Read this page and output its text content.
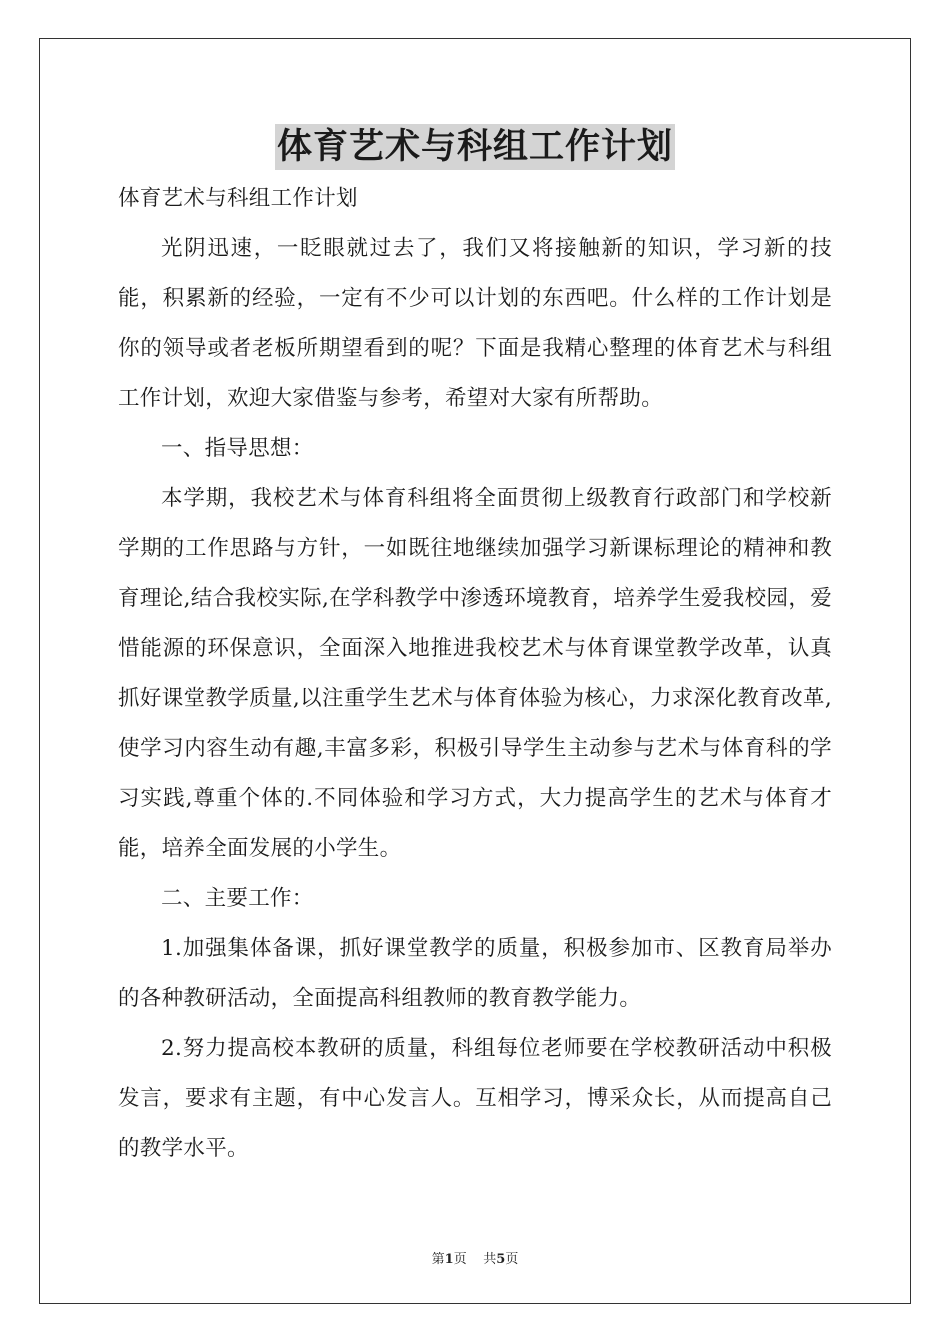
体育艺术与科组工作计划

体育艺术与科组工作计划

光阴迅速，一眨眼就过去了，我们又将接触新的知识，学习新的技能，积累新的经验，一定有不少可以计划的东西吧。什么样的工作计划是你的领导或者老板所期望看到的呢？下面是我精心整理的体育艺术与科组工作计划，欢迎大家借鉴与参考，希望对大家有所帮助。

一、指导思想：

本学期，我校艺术与体育科组将全面贯彻上级教育行政部门和学校新学期的工作思路与方针，一如既往地继续加强学习新课标理论的精神和教育理论,结合我校实际,在学科教学中渗透环境教育，培养学生爱我校园，爱惜能源的环保意识，全面深入地推进我校艺术与体育课堂教学改革，认真抓好课堂教学质量,以注重学生艺术与体育体验为核心，力求深化教育改革,使学习内容生动有趣,丰富多彩，积极引导学生主动参与艺术与体育科的学习实践,尊重个体的.不同体验和学习方式，大力提高学生的艺术与体育才能，培养全面发展的小学生。

二、主要工作：

1.加强集体备课，抓好课堂教学的质量，积极参加市、区教育局举办的各种教研活动，全面提高科组教师的教育教学能力。

2.努力提高校本教研的质量，科组每位老师要在学校教研活动中积极发言，要求有主题，有中心发言人。互相学习，博采众长，从而提高自己的教学水平。

第1页 共5页
